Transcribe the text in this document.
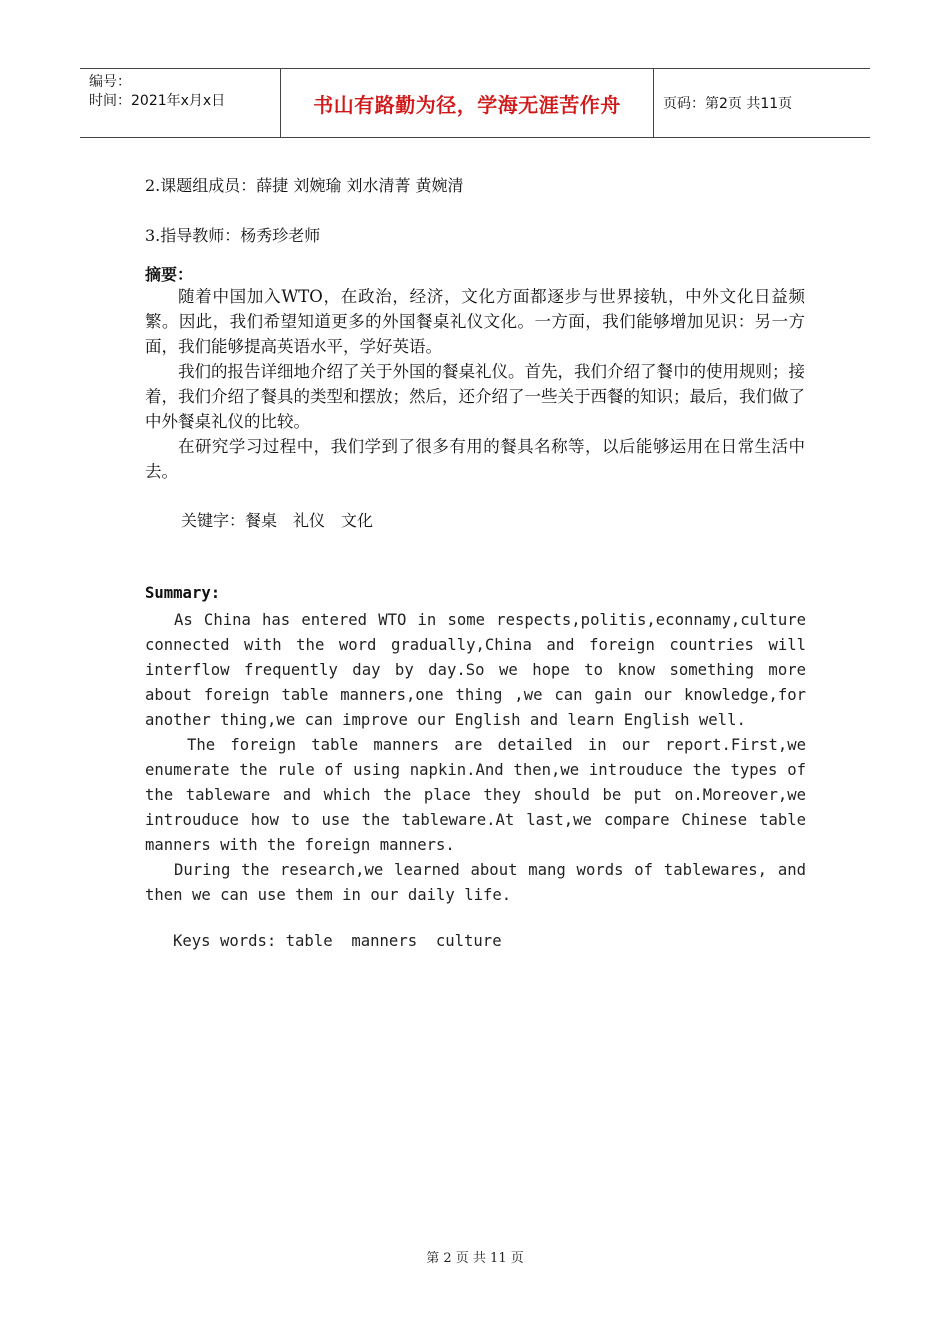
编号：
时间：2021年x月x日	书山有路勤为径，学海无涯苦作舟	页码：第2页 共11页
2.课题组成员：薛捷 刘婉瑜 刘水清菁 黄婉清
3.指导教师：杨秀珍老师
摘要：

随着中国加入WTO，在政治，经济，文化方面都逐步与世界接轨，中外文化日益频繁。因此，我们希望知道更多的外国餐桌礼仪文化。一方面，我们能够增加见识：另一方面，我们能够提高英语水平，学好英语。

我们的报告详细地介绍了关于外国的餐桌礼仪。首先，我们介绍了餐巾的使用规则；接着，我们介绍了餐具的类型和摆放；然后，还介绍了一些关于西餐的知识；最后，我们做了中外餐桌礼仪的比较。

在研究学习过程中，我们学到了很多有用的餐具名称等，以后能够运用在日常生活中去。

关键字：餐桌　礼仪　文化
Summary:

As China has entered WTO in some respects,politis,econnamy,culture connected with the word gradually,China and foreign countries will interflow frequently day by day.So we hope to know something more about foreign table manners,one thing ,we can gain our knowledge,for another thing,we can improve our English and learn English well.

The foreign table manners are detailed in our report.First,we enumerate the rule of using napkin.And then,we introuduce the types of the tableware and which the place they should be put on.Moreover,we introuduce how to use the tableware.At last,we compare Chinese table manners with the foreign manners.

During the research,we learned about mang words of tablewares, and then we can use them in our daily life.

Keys words: table  manners  culture
第 2 页 共 11 页
